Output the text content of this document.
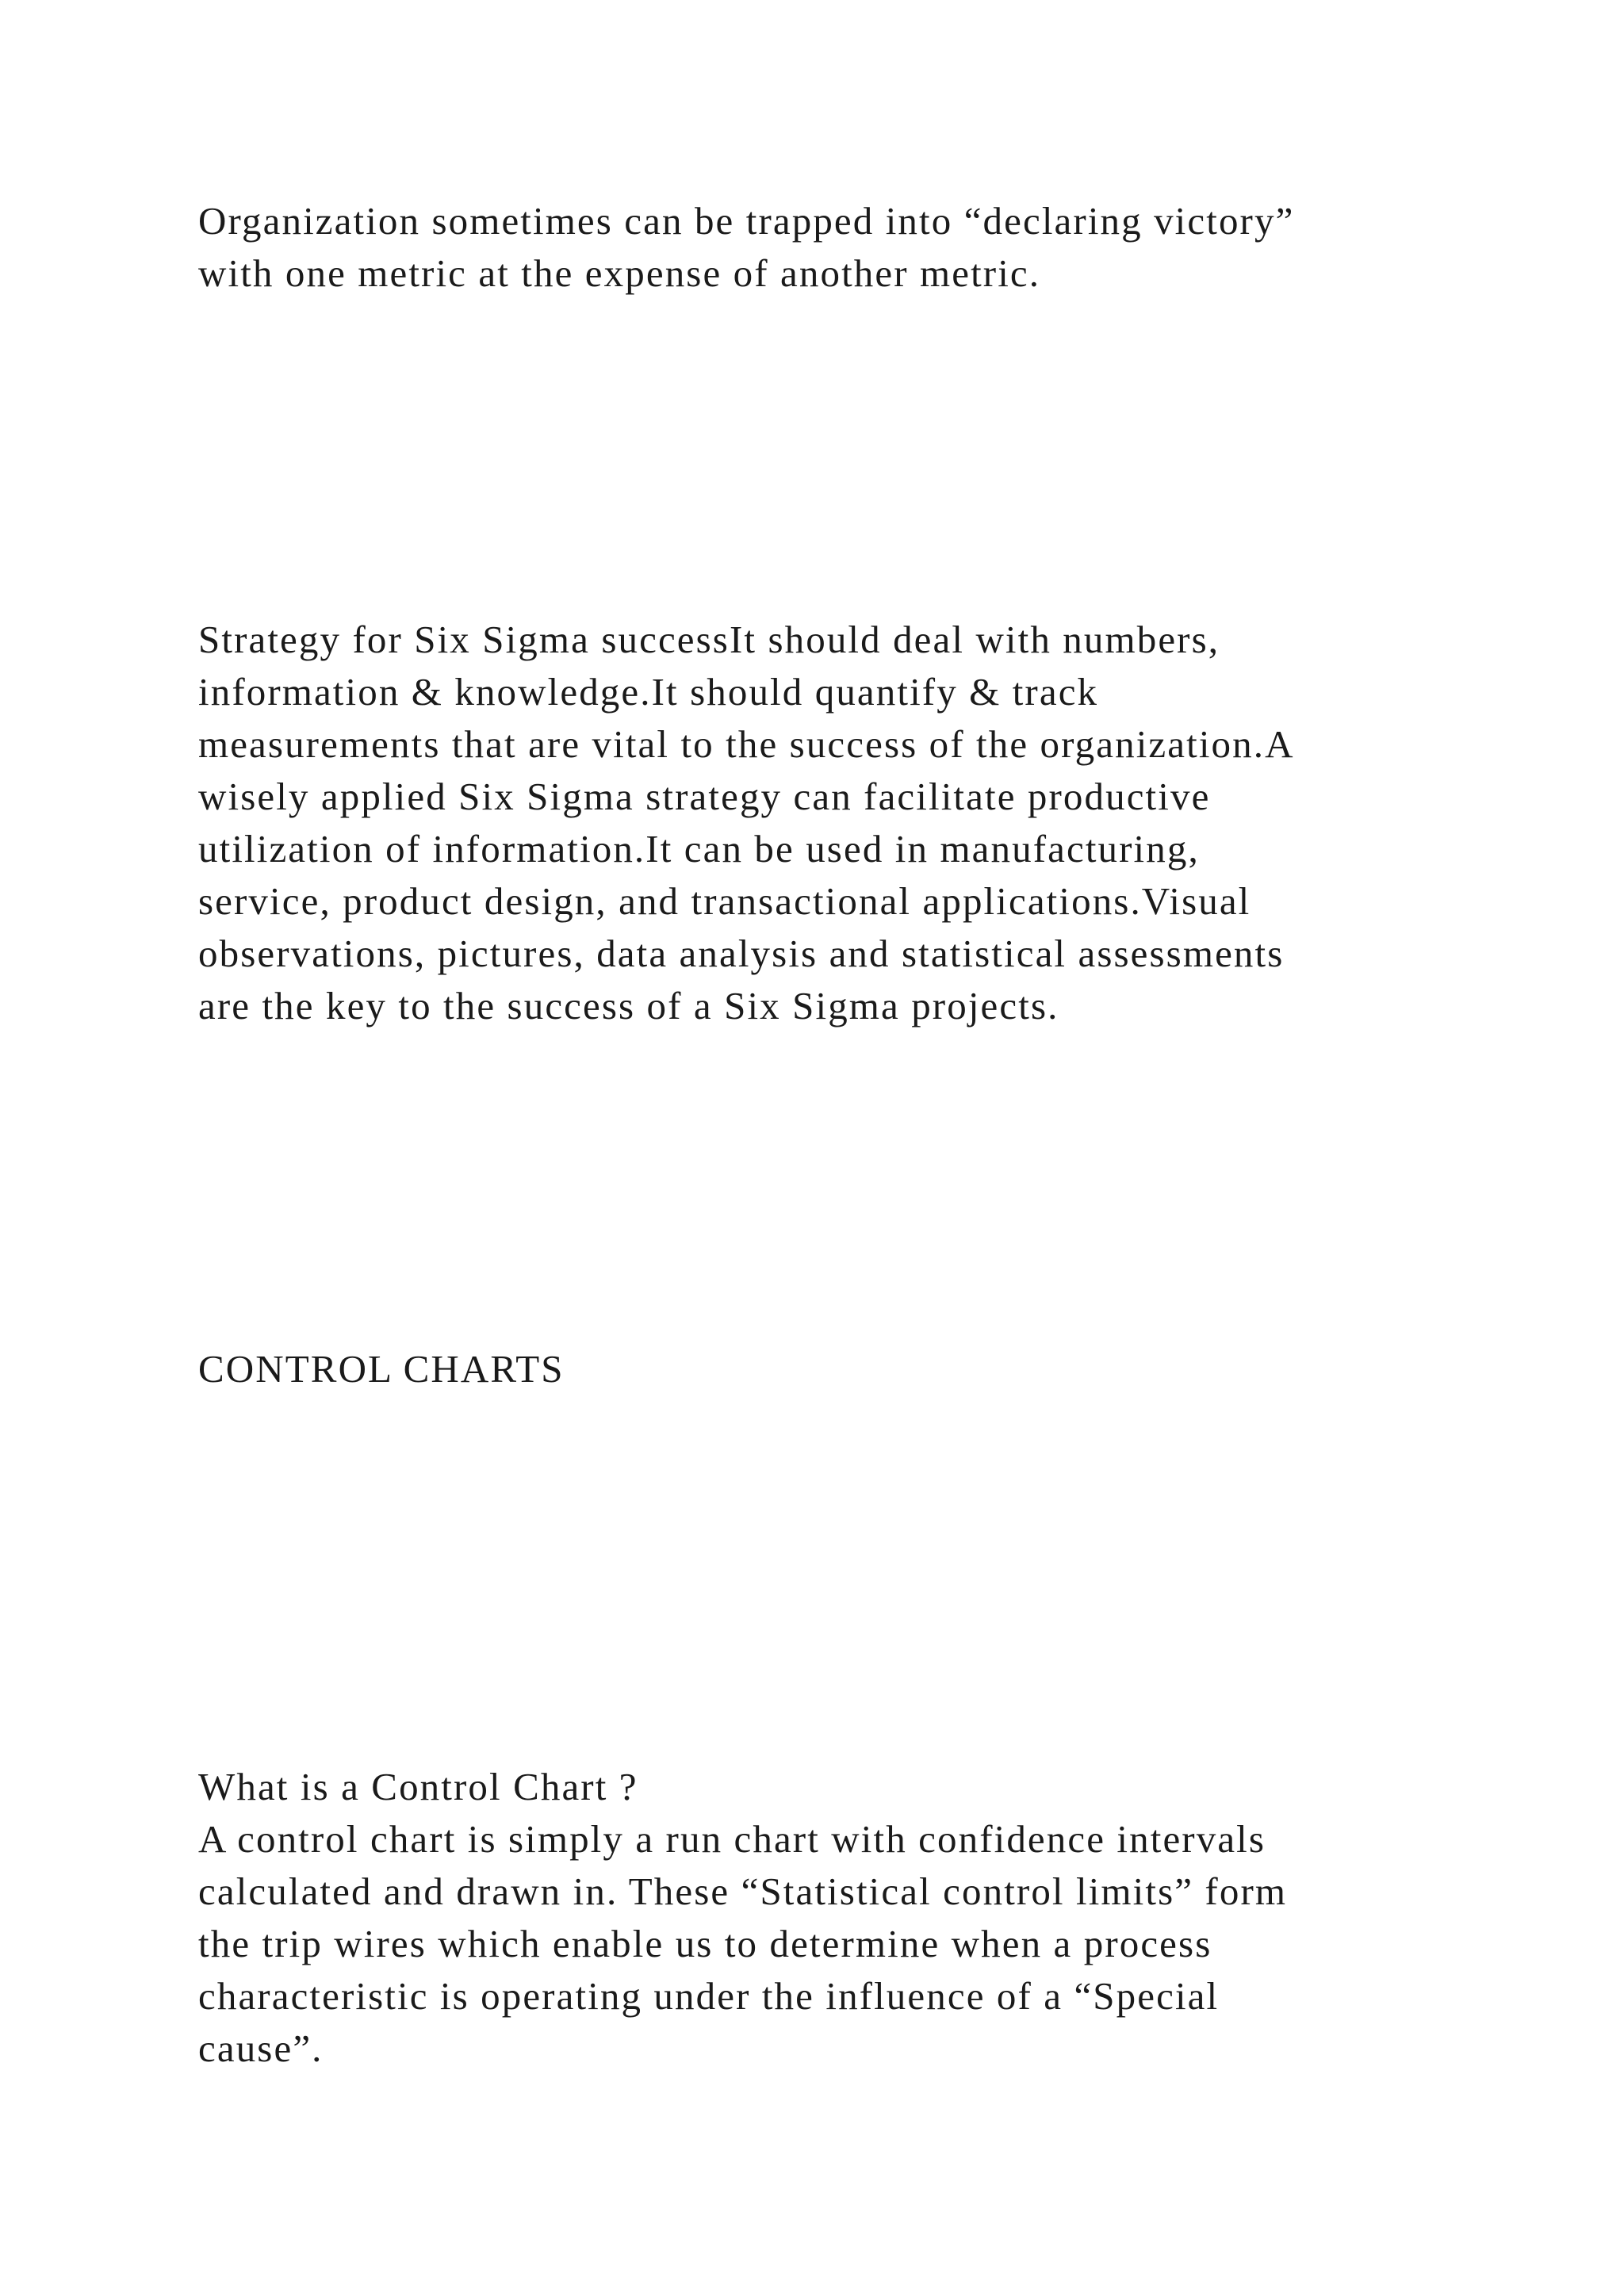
Organization sometimes can be trapped into “declaring victory”
with one metric at the expense of another metric.
Strategy for Six Sigma successIt should deal with numbers,
information & knowledge.It should quantify & track
measurements that are vital to the success of the organization.A
wisely applied Six Sigma strategy can facilitate productive
utilization of information.It can be used in manufacturing,
service, product design, and transactional applications.Visual
observations, pictures, data analysis and statistical assessments
are the key to the success of a Six Sigma projects.
CONTROL CHARTS
What is a Control Chart ?
A control chart is simply a run chart with confidence intervals
calculated and drawn in. These “Statistical control limits” form
the trip wires which enable us to determine when a process
characteristic is operating under the influence of a “Special
cause”.
